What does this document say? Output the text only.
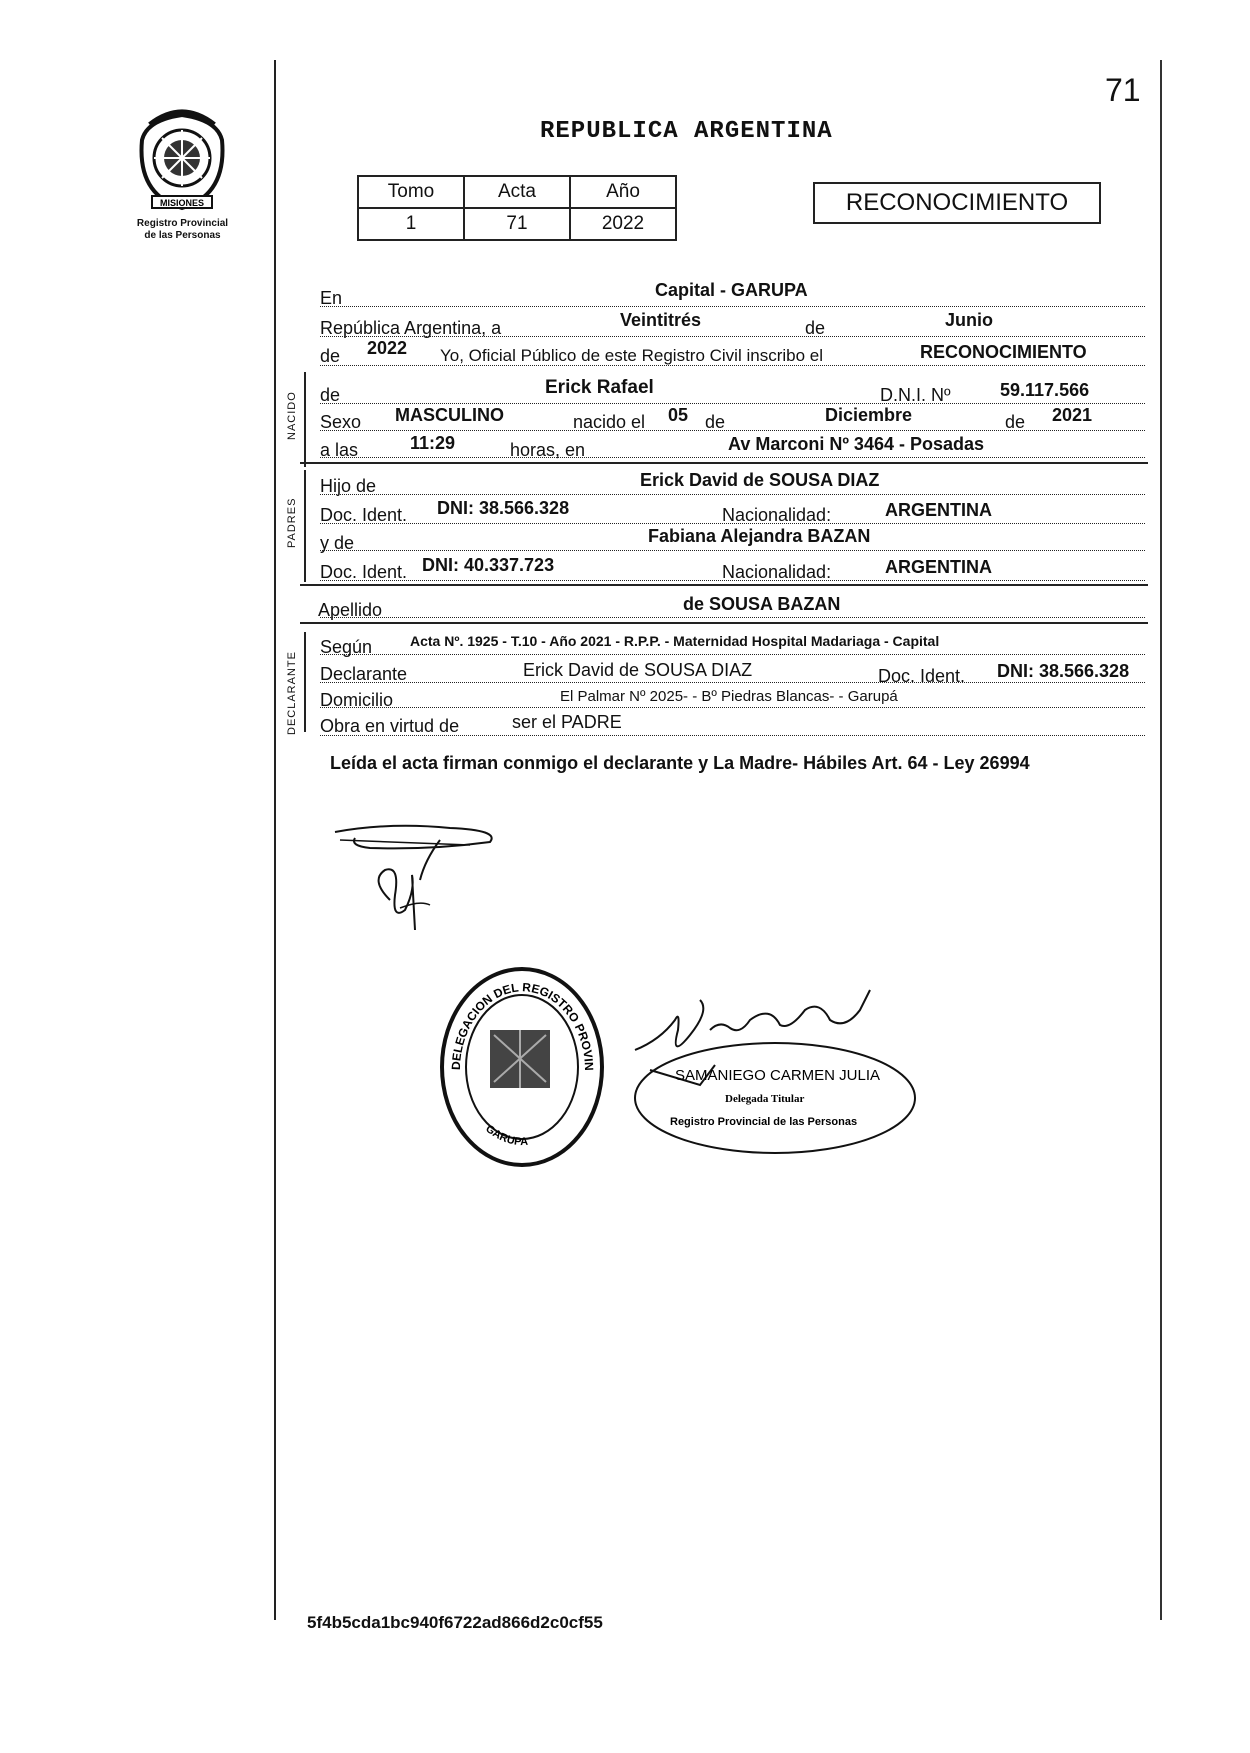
71
MISIONES
Registro Provincial
de las Personas
REPUBLICA ARGENTINA
Tomo	Acta	Año
1	71	2022
RECONOCIMIENTO
En	Capital - GARUPA
República Argentina, a	Veintitrés	de	Junio
de 2022 Yo, Oficial Público de este Registro Civil inscribo el	RECONOCIMIENTO
NACIDO de	Erick Rafael	D.N.I. Nº	59.117.566
Sexo MASCULINO	nacido el 05 de	Diciembre	de 2021
a las	11:29	horas, en	Av Marconi Nº 3464 - Posadas
PADRES
Hijo de	Erick David de SOUSA DIAZ
Doc. Ident. DNI: 38.566.328	Nacionalidad:	ARGENTINA
y de	Fabiana Alejandra BAZAN
Doc. Ident. DNI: 40.337.723	Nacionalidad:	ARGENTINA
Apellido	de SOUSA BAZAN
DECLARANTE
Según	Acta Nº. 1925 - T.10 - Año 2021 - R.P.P. - Maternidad Hospital Madariaga - Capital
Declarante	Erick David de SOUSA DIAZ	Doc. Ident. DNI: 38.566.328
Domicilio	El Palmar Nº 2025- - Bº Piedras Blancas- - Garupá
Obra en virtud de	ser el PADRE
Leída el acta firman conmigo el declarante y La Madre- Hábiles Art. 64 - Ley 26994
DELEGACION DEL REGISTRO PROVIN
GARUPA
SAMANIEGO CARMEN JULIA
Delegada Titular
Registro Provincial de las Personas
5f4b5cda1bc940f6722ad866d2c0cf55
